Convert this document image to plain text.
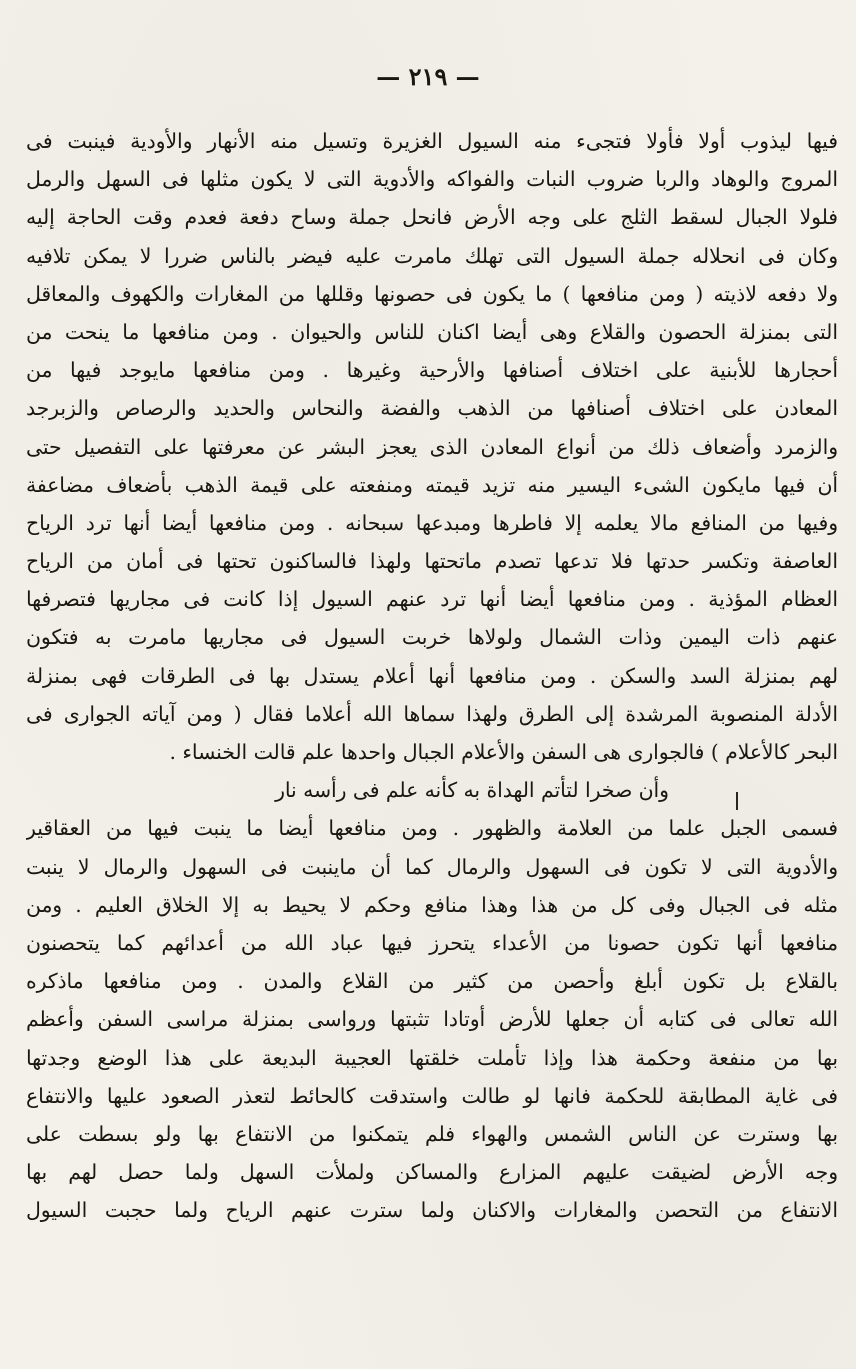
— ٢١٩ —
فيها ليذوب أولا فأولا فتجىء منه السيول الغزيرة وتسيل منه الأنهار والأودية فينبت فى
المروج والوهاد والربا ضروب النبات والفواكه والأدوية التى لا يكون مثلها فى السهل والرمل
فلولا الجبال لسقط الثلج على وجه الأرض فانحل جملة وساح دفعة فعدم وقت الحاجة إليه
وكان فى انحلاله جملة السيول التى تهلك مامرت عليه فيضر بالناس ضررا لا يمكن تلافيه
ولا دفعه لاذيته ( ومن منافعها ) ما يكون فى حصونها وقللها من المغارات والكهوف والمعاقل
التى بمنزلة الحصون والقلاع وهى أيضا اكنان للناس والحيوان . ومن منافعها ما ينحت من
أحجارها للأبنية على اختلاف أصنافها والأرحية وغيرها . ومن منافعها مايوجد فيها من
المعادن على اختلاف أصنافها من الذهب والفضة والنحاس والحديد والرصاص والزبرجد
والزمرد وأضعاف ذلك من أنواع المعادن الذى يعجز البشر عن معرفتها على التفصيل حتى
أن فيها مايكون الشىء اليسير منه تزيد قيمته ومنفعته على قيمة الذهب بأضعاف مضاعفة
وفيها من المنافع مالا يعلمه إلا فاطرها ومبدعها سبحانه . ومن منافعها أيضا أنها ترد الرياح
العاصفة وتكسر حدتها فلا تدعها تصدم ماتحتها ولهذا فالساكنون تحتها فى أمان من الرياح
العظام المؤذية . ومن منافعها أيضا أنها ترد عنهم السيول إذا كانت فى مجاريها فتصرفها
عنهم ذات اليمين وذات الشمال ولولاها خربت السيول فى مجاريها مامرت به فتكون
لهم بمنزلة السد والسكن . ومن منافعها أنها أعلام يستدل بها فى الطرقات فهى بمنزلة
الأدلة المنصوبة المرشدة إلى الطرق ولهذا سماها الله أعلاما فقال ( ومن آياته الجوارى فى
البحر كالأعلام ) فالجوارى هى السفن والأعلام الجبال واحدها علم قالت الخنساء .
وأن صخرا لتأتم الهداة به كأنه علم فى رأسه نار
فسمى الجبل علما من العلامة والظهور . ومن منافعها أيضا ما ينبت فيها من العقاقير
والأدوية التى لا تكون فى السهول والرمال كما أن ماينبت فى السهول والرمال لا ينبت
مثله فى الجبال وفى كل من هذا وهذا منافع وحكم لا يحيط به إلا الخلاق العليم . ومن
منافعها أنها تكون حصونا من الأعداء يتحرز فيها عباد الله من أعدائهم كما يتحصنون
بالقلاع بل تكون أبلغ وأحصن من كثير من القلاع والمدن . ومن منافعها ماذكره
الله تعالى فى كتابه أن جعلها للأرض أوتادا تثبتها ورواسى بمنزلة مراسى السفن وأعظم
بها من منفعة وحكمة هذا وإذا تأملت خلقتها العجيبة البديعة على هذا الوضع وجدتها
فى غاية المطابقة للحكمة فانها لو طالت واستدقت كالحائط لتعذر الصعود عليها والانتفاع
بها وسترت عن الناس الشمس والهواء فلم يتمكنوا من الانتفاع بها ولو بسطت على
وجه الأرض لضيقت عليهم المزارع والمساكن ولملأت السهل ولما حصل لهم بها
الانتفاع من التحصن والمغارات والاكنان ولما سترت عنهم الرياح ولما حجبت السيول
